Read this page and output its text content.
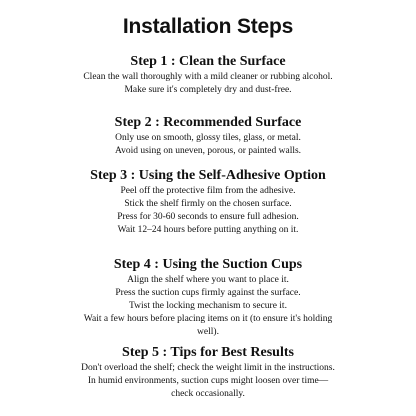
Installation Steps
Step 1 : Clean the Surface

Clean the wall thoroughly with a mild cleaner or rubbing alcohol.

Make sure it's completely dry and dust-free.

Step 2 : Recommended Surface

Only use on smooth, glossy tiles, glass, or metal.

Avoid using on uneven, porous, or painted walls.

Step 3 : Using the Self-Adhesive Option

Peel off the protective film from the adhesive.

Stick the shelf firmly on the chosen surface.

Press for 30-60 seconds to ensure full adhesion.

Wait 12–24 hours before putting anything on it.

Step 4 : Using the Suction Cups

Align the shelf where you want to place it.

Press the suction cups firmly against the surface.

Twist the locking mechanism to secure it.

Wait a few hours before placing items on it (to ensure it's holding

well).

Step 5 : Tips for Best Results

Don't overload the shelf; check the weight limit in the instructions.

In humid environments, suction cups might loosen over time—

check occasionally.
